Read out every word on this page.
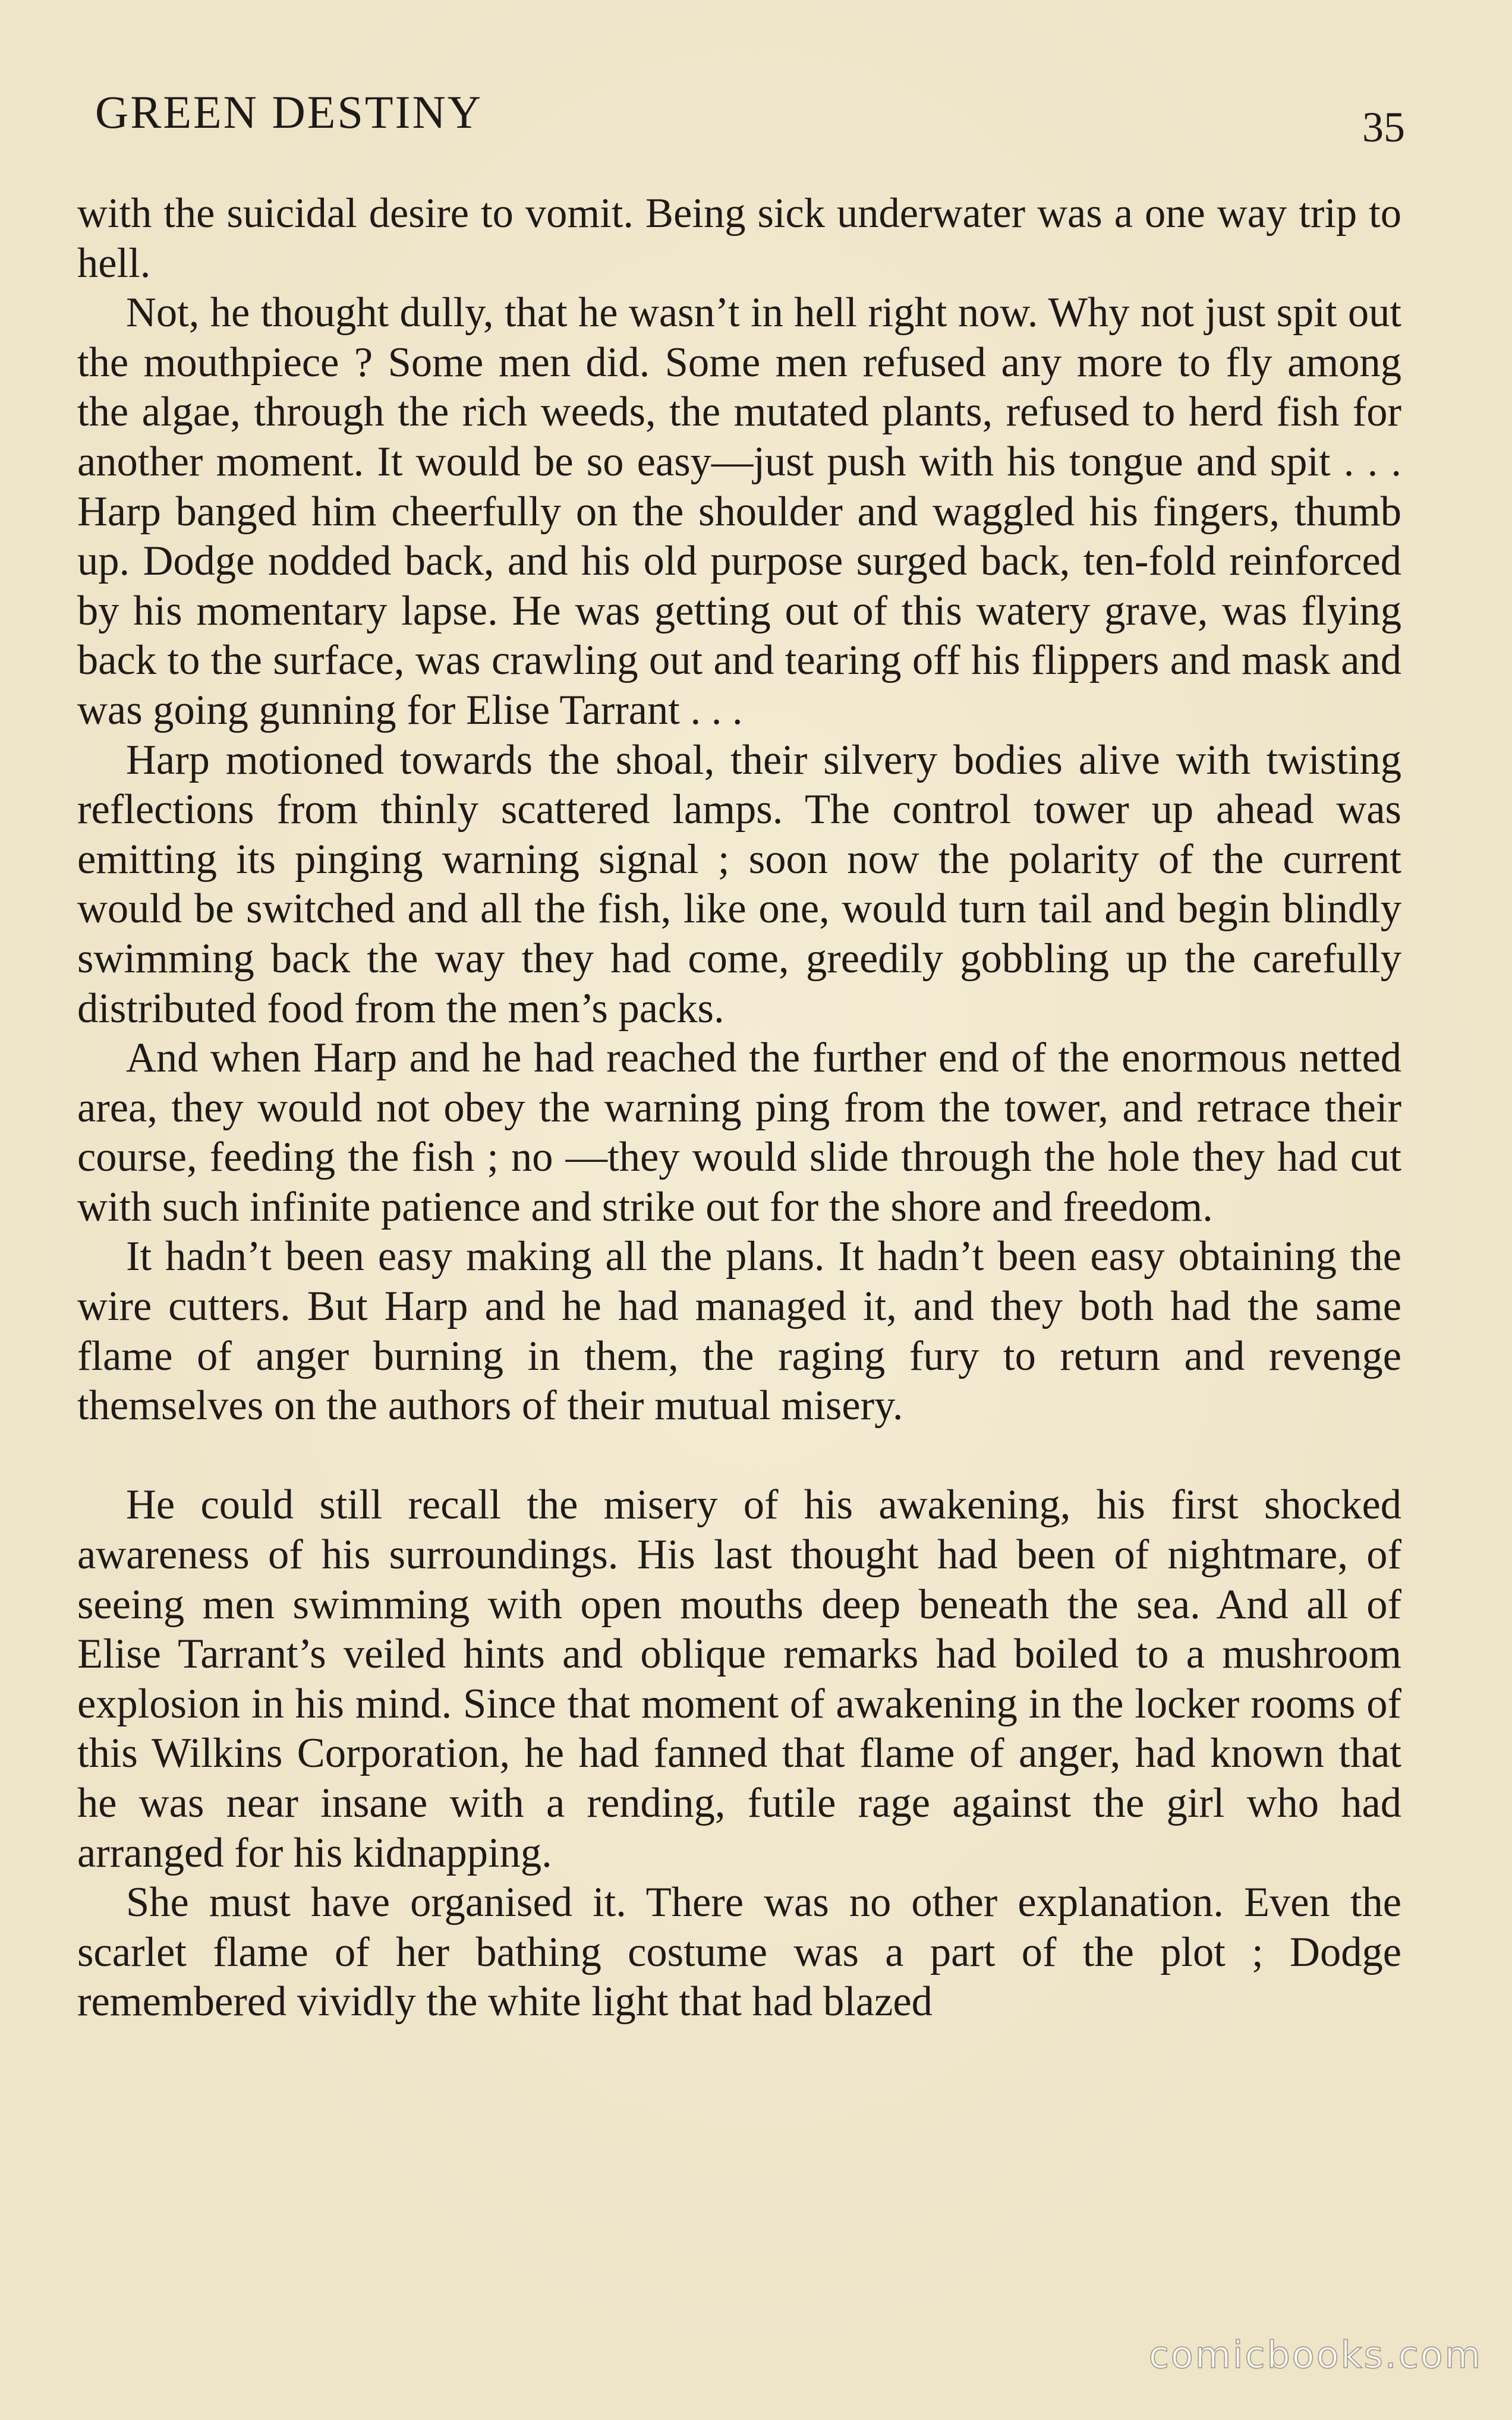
GREEN DESTINY	35

with the suicidal desire to vomit. Being sick underwater was a one way trip to hell.

Not, he thought dully, that he wasn’t in hell right now. Why not just spit out the mouthpiece ? Some men did. Some men refused any more to fly among the algae, through the rich weeds, the mutated plants, refused to herd fish for another moment. It would be so easy—just push with his tongue and spit . . . Harp banged him cheerfully on the shoulder and waggled his fingers, thumb up. Dodge nodded back, and his old purpose surged back, ten-fold reinforced by his momentary lapse. He was getting out of this watery grave, was flying back to the surface, was crawling out and tearing off his flippers and mask and was going gunning for Elise Tarrant . . .

Harp motioned towards the shoal, their silvery bodies alive with twisting reflections from thinly scattered lamps. The control tower up ahead was emitting its pinging warning signal ; soon now the polarity of the current would be switched and all the fish, like one, would turn tail and begin blindly swimming back the way they had come, greedily gobbling up the carefully distributed food from the men’s packs.

And when Harp and he had reached the further end of the enormous netted area, they would not obey the warning ping from the tower, and retrace their course, feeding the fish ; no —they would slide through the hole they had cut with such infinite patience and strike out for the shore and freedom.

It hadn’t been easy making all the plans. It hadn’t been easy obtaining the wire cutters. But Harp and he had managed it, and they both had the same flame of anger burning in them, the raging fury to return and revenge themselves on the authors of their mutual misery.

He could still recall the misery of his awakening, his first shocked awareness of his surroundings. His last thought had been of nightmare, of seeing men swimming with open mouths deep beneath the sea. And all of Elise Tarrant’s veiled hints and oblique remarks had boiled to a mushroom explosion in his mind. Since that moment of awakening in the locker rooms of this Wilkins Corporation, he had fanned that flame of anger, had known that he was near insane with a rending, futile rage against the girl who had arranged for his kidnapping.

She must have organised it. There was no other explanation. Even the scarlet flame of her bathing costume was a part of the plot ; Dodge remembered vividly the white light that had blazed

comicbooks.com
